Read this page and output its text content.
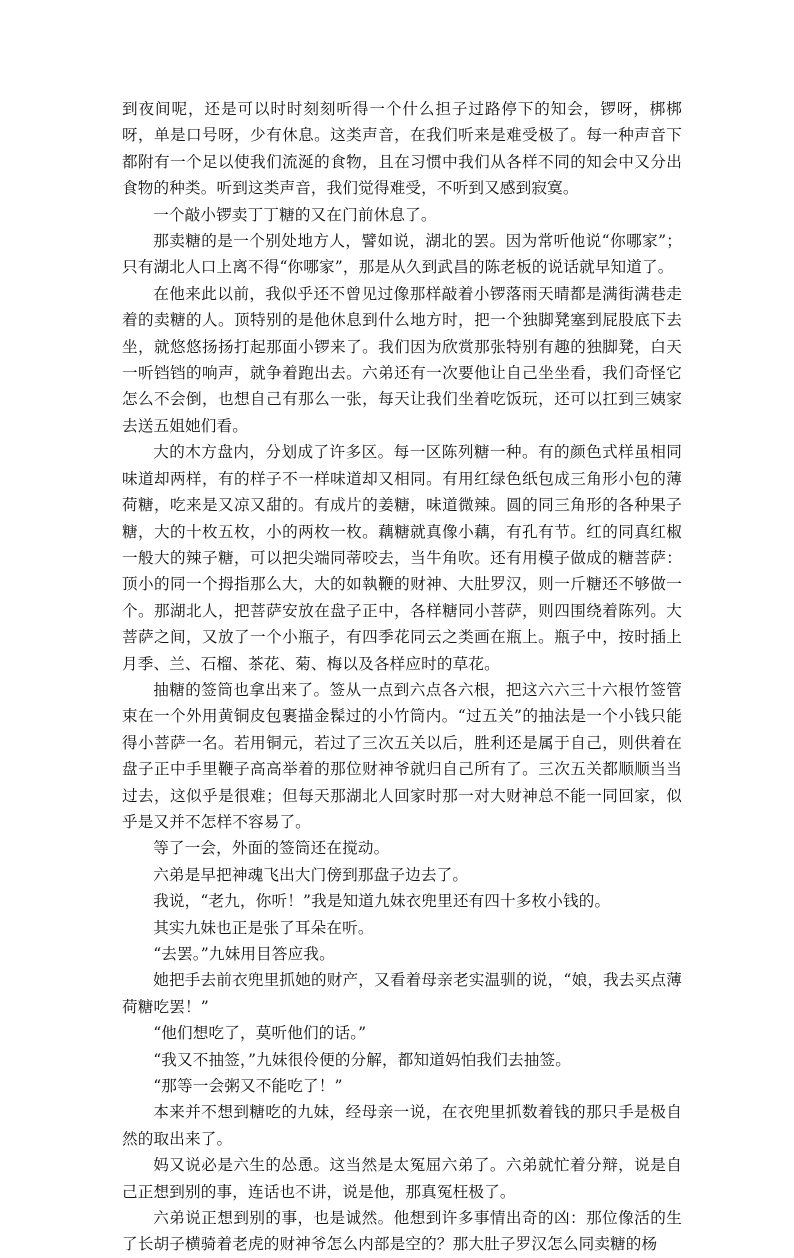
到夜间呢，还是可以时时刻刻听得一个什么担子过路停下的知会，锣呀，梆梆呀，单是口号呀，少有休息。这类声音，在我们听来是难受极了。每一种声音下都附有一个足以使我们流涎的食物，且在习惯中我们从各样不同的知会中又分出食物的种类。听到这类声音，我们觉得难受，不听到又感到寂寞。

一个敲小锣卖丁丁糖的又在门前休息了。

那卖糖的是一个别处地方人，譬如说，湖北的罢。因为常听他说“你哪家”；只有湖北人口上离不得“你哪家”，那是从久到武昌的陈老板的说话就早知道了。

在他来此以前，我似乎还不曾见过像那样敲着小锣落雨天晴都是满街满巷走着的卖糖的人。顶特别的是他休息到什么地方时，把一个独脚凳塞到屁股底下去坐，就悠悠扬扬打起那面小锣来了。我们因为欣赏那张特别有趣的独脚凳，白天一听铛铛的响声，就争着跑出去。六弟还有一次要他让自己坐坐看，我们奇怪它怎么不会倒，也想自己有那么一张，每天让我们坐着吃饭玩，还可以扛到三姨家去送五姐她们看。

大的木方盘内，分划成了许多区。每一区陈列糖一种。有的颜色式样虽相同味道却两样，有的样子不一样味道却又相同。有用红绿色纸包成三角形小包的薄荷糖，吃来是又凉又甜的。有成片的姜糖，味道微辣。圆的同三角形的各种果子糖，大的十枚五枚，小的两枚一枚。藕糖就真像小藕，有孔有节。红的同真红椒一般大的辣子糖，可以把尖端同蒂咬去，当牛角吹。还有用模子做成的糖菩萨：顶小的同一个拇指那么大，大的如執鞭的财神、大肚罗汉，则一斤糖还不够做一个。那湖北人，把菩萨安放在盘子正中，各样糖同小菩萨，则四围绕着陈列。大菩萨之间，又放了一个小瓶子，有四季花同云之类画在瓶上。瓶子中，按时插上月季、兰、石榴、茶花、菊、梅以及各样应时的草花。

抽糖的签筒也拿出来了。签从一点到六点各六根，把这六六三十六根竹签管束在一个外用黄铜皮包裹描金髹过的小竹筒内。“过五关”的抽法是一个小钱只能得小菩萨一名。若用铜元，若过了三次五关以后，胜利还是属于自己，则供着在盘子正中手里鞭子高高举着的那位财神爷就归自己所有了。三次五关都顺顺当当过去，这似乎是很难；但每天那湖北人回家时那一对大财神总不能一同回家，似乎是又并不怎样不容易了。

等了一会，外面的签筒还在搅动。

六弟是早把神魂飞出大门傍到那盘子边去了。

我说，“老九，你听！”我是知道九妹衣兜里还有四十多枚小钱的。

其实九妹也正是张了耳朵在听。

“去罢。”九妹用目答应我。

她把手去前衣兜里抓她的财产，又看着母亲老实温驯的说，“娘，我去买点薄荷糖吃罢！”

“他们想吃了，莫听他们的话。”

“我又不抽签，”九妹很伶便的分解，都知道妈怕我们去抽签。

“那等一会粥又不能吃了！”

本来并不想到糖吃的九妹，经母亲一说，在衣兜里抓数着钱的那只手是极自然的取出来了。

妈又说必是六生的怂恿。这当然是太冤屈六弟了。六弟就忙着分辩，说是自己正想到别的事，连话也不讲，说是他，那真冤枉极了。

六弟说正想到别的事，也是诚然。他想到许多事情出奇的凶：那位像活的生了长胡子横骑着老虎的财神爷怎么内部是空的？那大肚子罗汉怎么同卖糖的杨
